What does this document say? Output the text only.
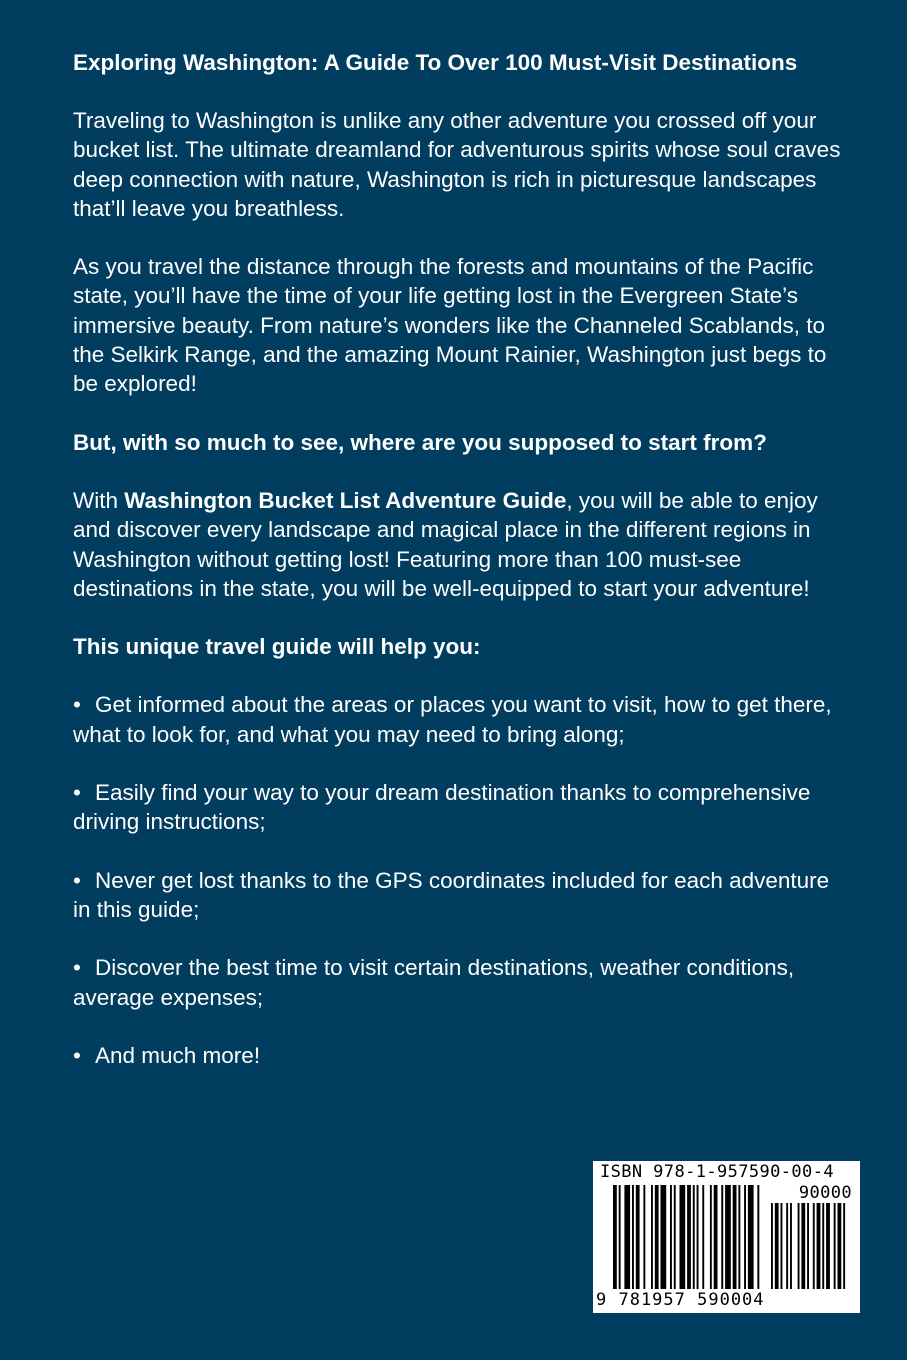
Exploring Washington: A Guide To Over 100 Must-Visit Destinations
Traveling to Washington is unlike any other adventure you crossed off your bucket list. The ultimate dreamland for adventurous spirits whose soul craves deep connection with nature, Washington is rich in picturesque landscapes that’ll leave you breathless.
As you travel the distance through the forests and mountains of the Pacific state, you’ll have the time of your life getting lost in the Evergreen State’s immersive beauty. From nature’s wonders like the Channeled Scablands, to the Selkirk Range, and the amazing Mount Rainier, Washington just begs to be explored!
But, with so much to see, where are you supposed to start from?
With Washington Bucket List Adventure Guide, you will be able to enjoy and discover every landscape and magical place in the different regions in Washington without getting lost! Featuring more than 100 must-see destinations in the state, you will be well-equipped to start your adventure!
This unique travel guide will help you:
• Get informed about the areas or places you want to visit, how to get there, what to look for, and what you may need to bring along;
• Easily find your way to your dream destination thanks to comprehensive driving instructions;
• Never get lost thanks to the GPS coordinates included for each adventure in this guide;
• Discover the best time to visit certain destinations, weather conditions, average expenses;
• And much more!
ISBN 978-1-957590-00-4
90000
9 781957 590004
